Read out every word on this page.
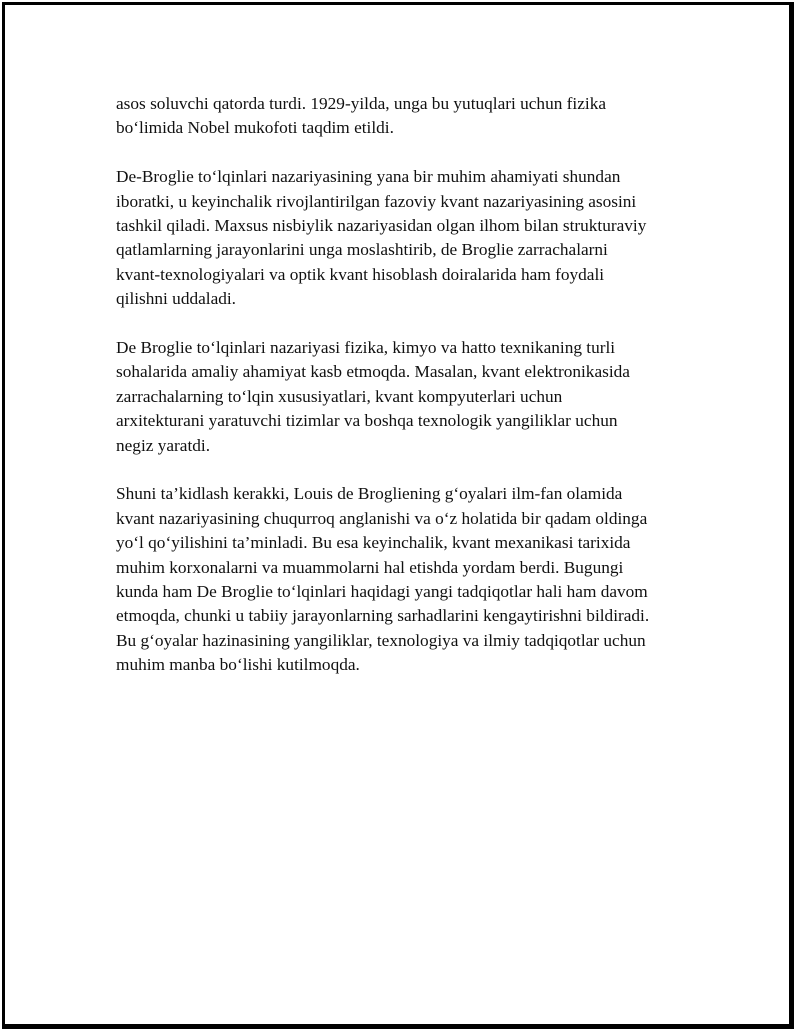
asos soluvchi qatorda turdi. 1929-yilda, unga bu yutuqlari uchun fizika
bo‘limida Nobel mukofoti taqdim etildi.

De-Broglie to‘lqinlari nazariyasining yana bir muhim ahamiyati shundan
iboratki, u keyinchalik rivojlantirilgan fazoviy kvant nazariyasining asosini
tashkil qiladi. Maxsus nisbiylik nazariyasidan olgan ilhom bilan strukturaviy
qatlamlarning jarayonlarini unga moslashtirib, de Broglie zarrachalarni
kvant-texnologiyalari va optik kvant hisoblash doiralarida ham foydali
qilishni uddaladi.

De Broglie to‘lqinlari nazariyasi fizika, kimyo va hatto texnikaning turli
sohalarida amaliy ahamiyat kasb etmoqda. Masalan, kvant elektronikasida
zarrachalarning to‘lqin xususiyatlari, kvant kompyuterlari uchun
arxitekturani yaratuvchi tizimlar va boshqa texnologik yangiliklar uchun
negiz yaratdi.

Shuni ta’kidlash kerakki, Louis de Brogliening g‘oyalari ilm-fan olamida
kvant nazariyasining chuqurroq anglanishi va o‘z holatida bir qadam oldinga
yo‘l qo‘yilishini ta’minladi. Bu esa keyinchalik, kvant mexanikasi tarixida
muhim korxonalarni va muammolarni hal etishda yordam berdi. Bugungi
kunda ham De Broglie to‘lqinlari haqidagi yangi tadqiqotlar hali ham davom
etmoqda, chunki u tabiiy jarayonlarning sarhadlarini kengaytirishni bildiradi.
Bu g‘oyalar hazinasining yangiliklar, texnologiya va ilmiy tadqiqotlar uchun
muhim manba bo‘lishi kutilmoqda.
